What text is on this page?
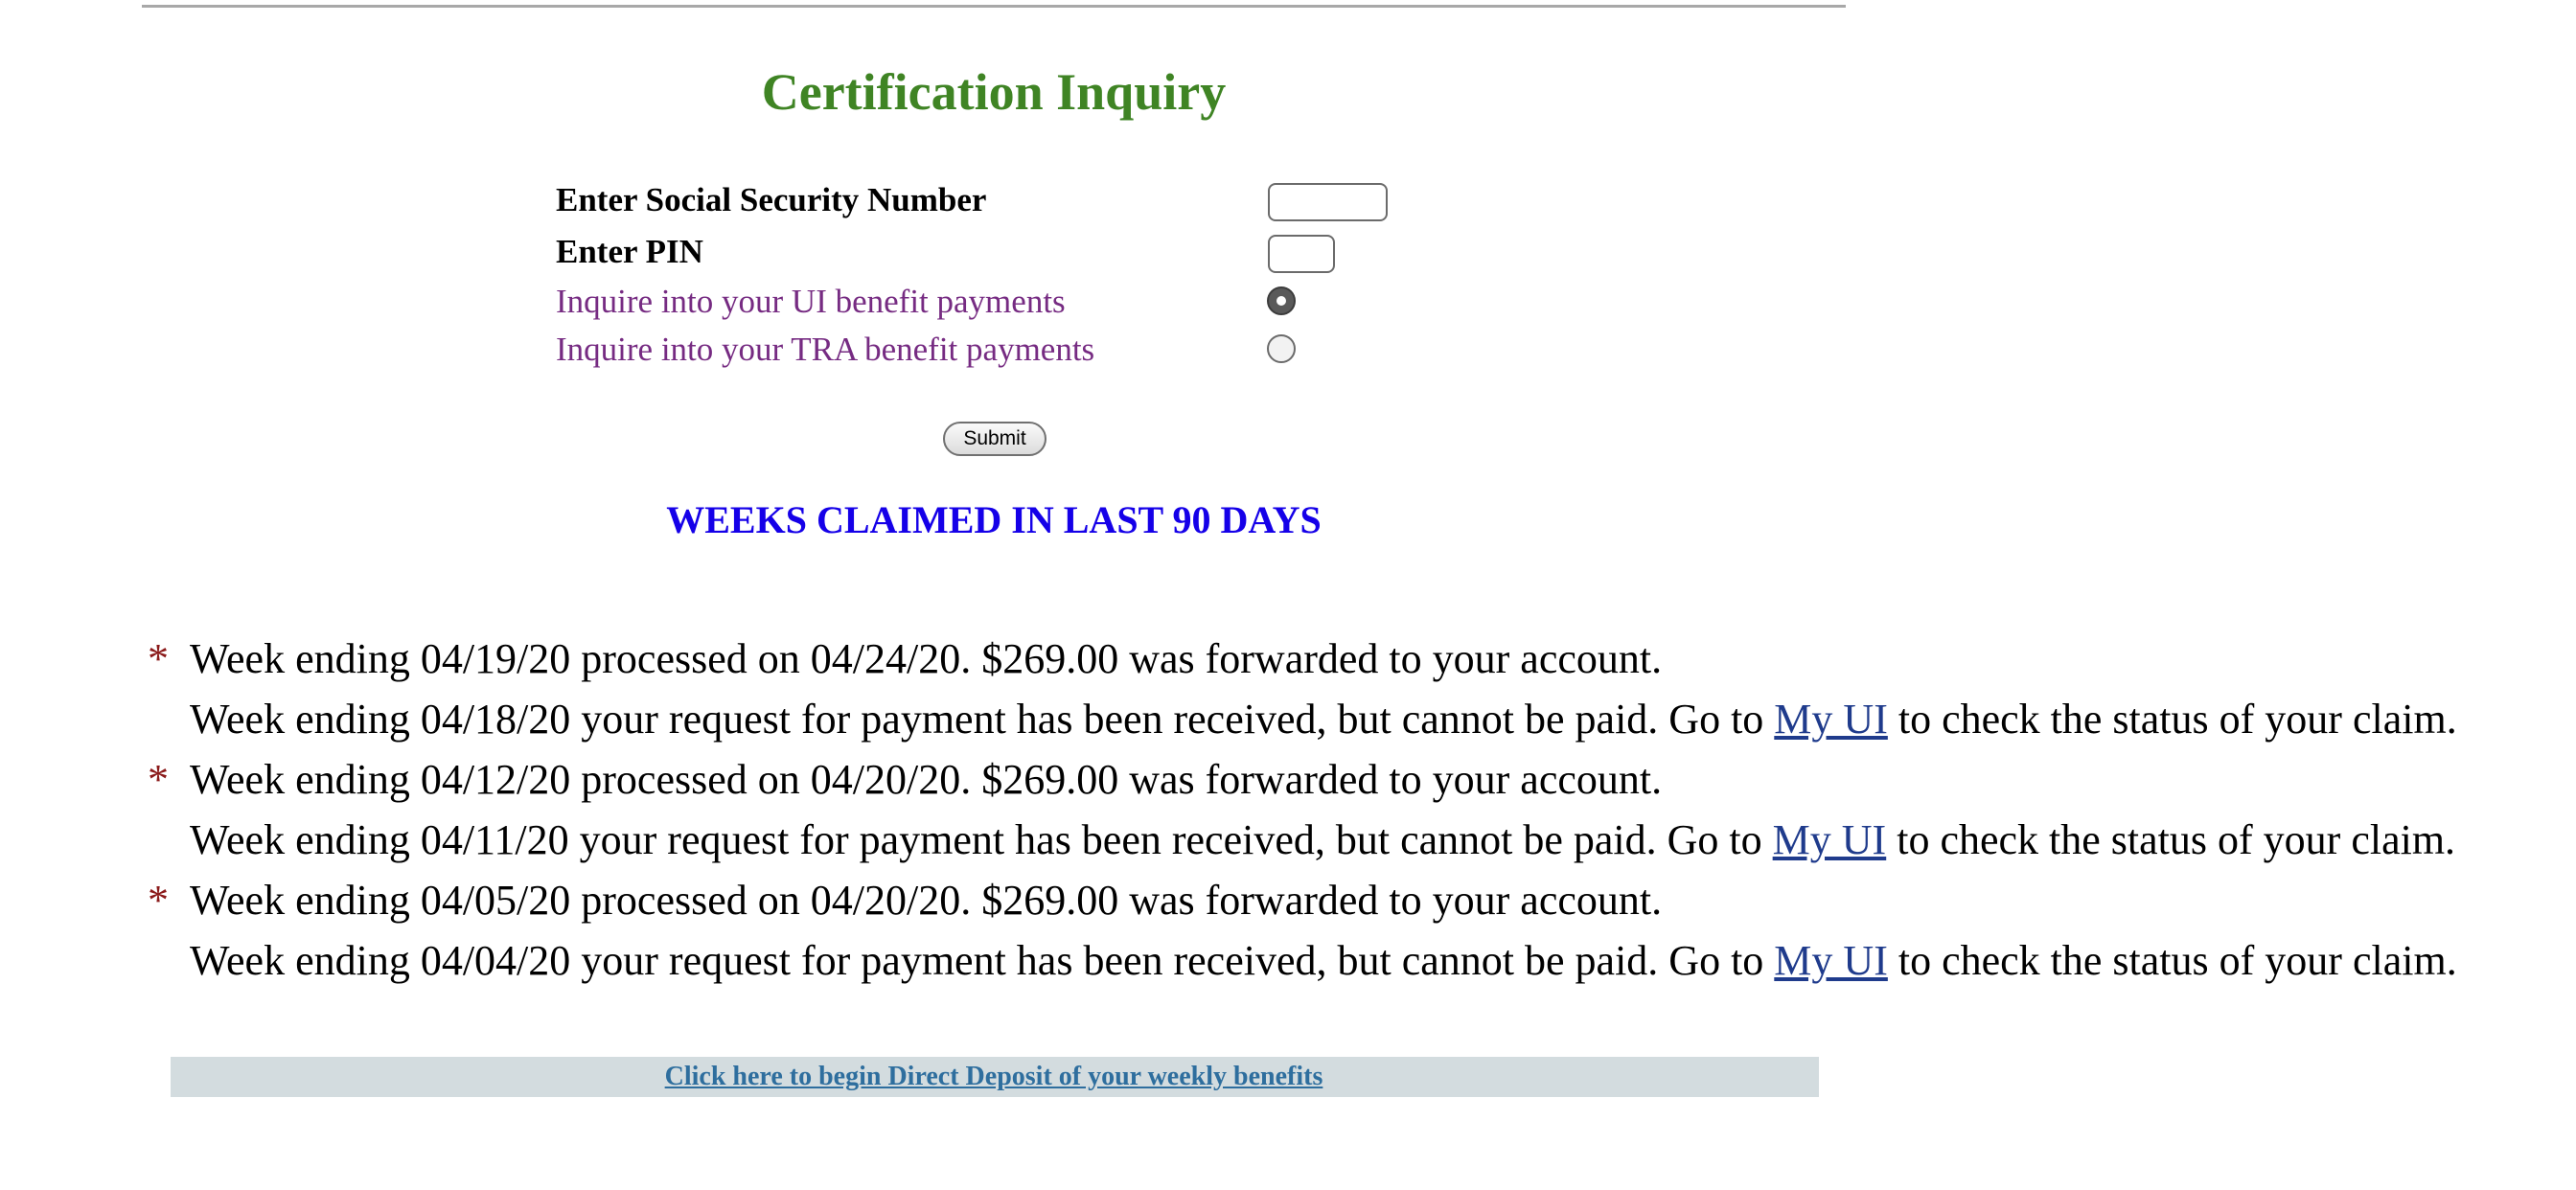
Certification Inquiry
Enter Social Security Number
Enter PIN
Inquire into your UI benefit payments
Inquire into your TRA benefit payments
Submit
WEEKS CLAIMED IN LAST 90 DAYS
* Week ending 04/19/20 processed on 04/24/20. $269.00 was forwarded to your account.
Week ending 04/18/20 your request for payment has been received, but cannot be paid. Go to My UI to check the status of your claim.
* Week ending 04/12/20 processed on 04/20/20. $269.00 was forwarded to your account.
Week ending 04/11/20 your request for payment has been received, but cannot be paid. Go to My UI to check the status of your claim.
* Week ending 04/05/20 processed on 04/20/20. $269.00 was forwarded to your account.
Week ending 04/04/20 your request for payment has been received, but cannot be paid. Go to My UI to check the status of your claim.
Click here to begin Direct Deposit of your weekly benefits
